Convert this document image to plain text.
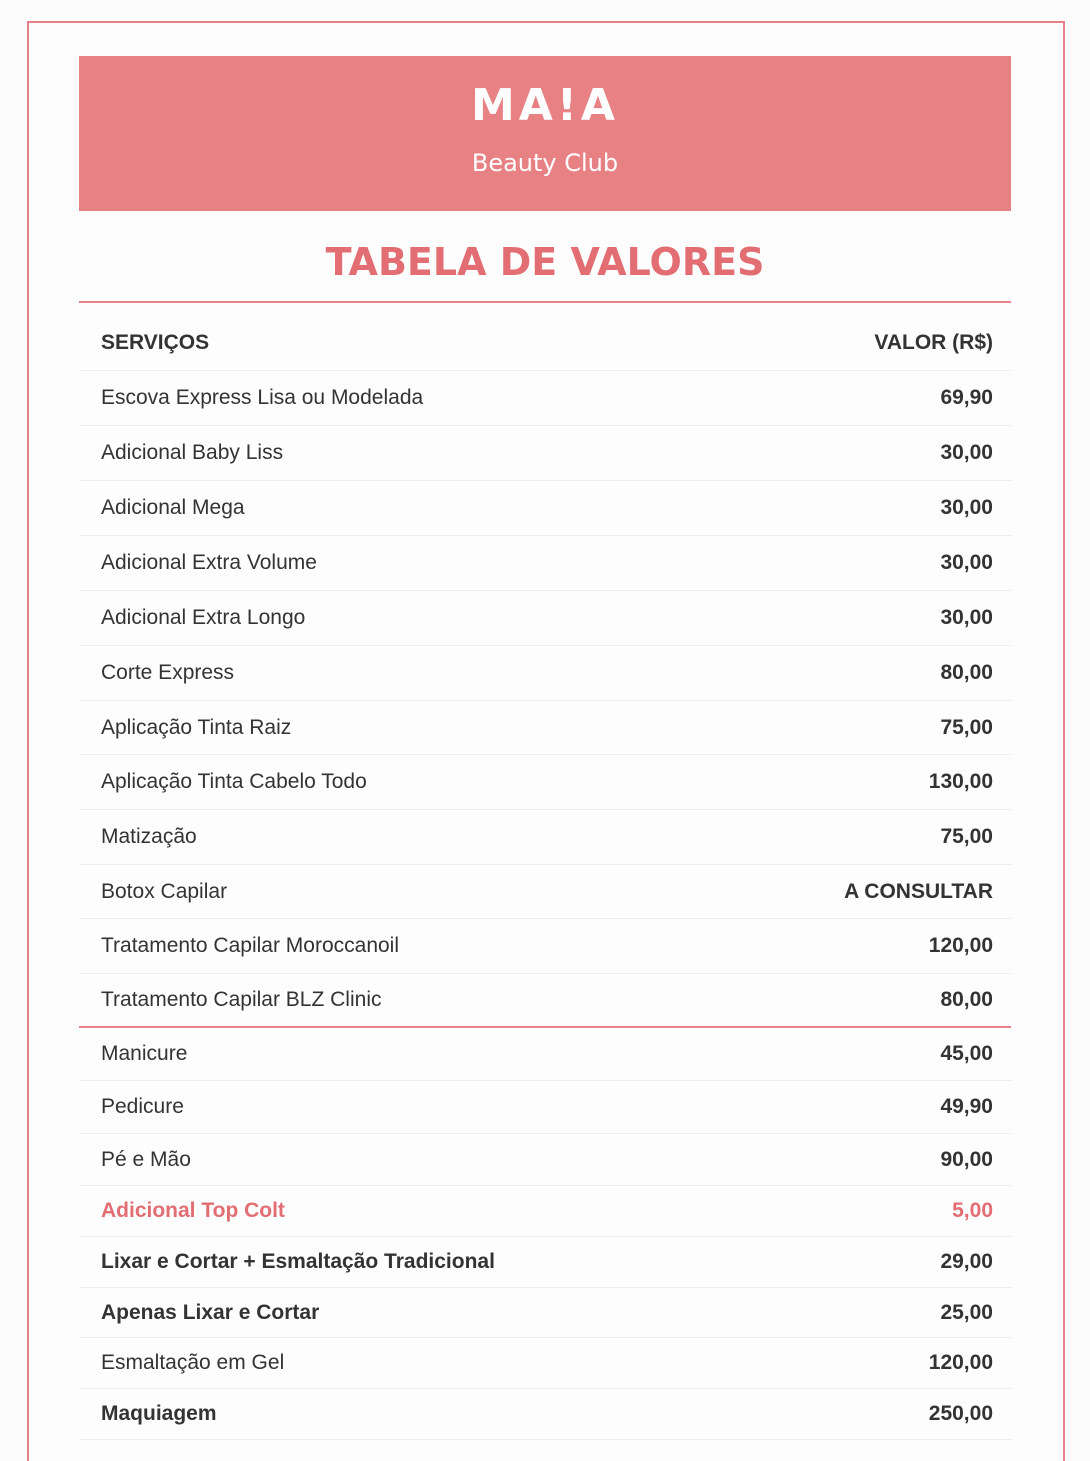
MA!A
Beauty Club
TABELA DE VALORES
SERVIÇOS	VALOR (R$)
Escova Express Lisa ou Modelada	69,90
Adicional Baby Liss	30,00
Adicional Mega	30,00
Adicional Extra Volume	30,00
Adicional Extra Longo	30,00
Corte Express	80,00
Aplicação Tinta Raiz	75,00
Aplicação Tinta Cabelo Todo	130,00
Matização	75,00
Botox Capilar	A CONSULTAR
Tratamento Capilar Moroccanoil	120,00
Tratamento Capilar BLZ Clinic	80,00
Manicure	45,00
Pedicure	49,90
Pé e Mão	90,00
Adicional Top Colt	5,00
Lixar e Cortar + Esmaltação Tradicional	29,00
Apenas Lixar e Cortar	25,00
Esmaltação em Gel	120,00
Maquiagem	250,00
